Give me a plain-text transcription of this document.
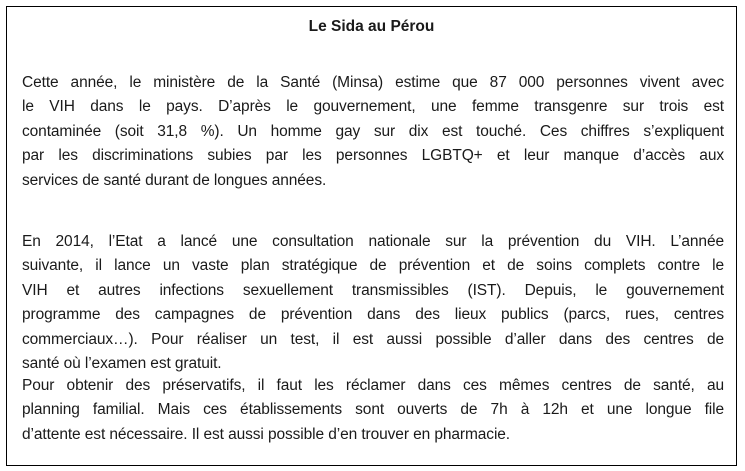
Le Sida au Pérou
Cette année, le ministère de la Santé (Minsa) estime que 87 000 personnes vivent avec
le VIH dans le pays. D’après le gouvernement, une femme transgenre sur trois est
contaminée (soit 31,8 %). Un homme gay sur dix est touché. Ces chiffres s’expliquent
par les discriminations subies par les personnes LGBTQ+ et leur manque d’accès aux
services de santé durant de longues années.
En 2014, l’Etat a lancé une consultation nationale sur la prévention du VIH. L’année
suivante, il lance un vaste plan stratégique de prévention et de soins complets contre le
VIH et autres infections sexuellement transmissibles (IST). Depuis, le gouvernement
programme des campagnes de prévention dans des lieux publics (parcs, rues, centres
commerciaux…). Pour réaliser un test, il est aussi possible d’aller dans des centres de
santé où l’examen est gratuit.
Pour obtenir des préservatifs, il faut les réclamer dans ces mêmes centres de santé, au
planning familial. Mais ces établissements sont ouverts de 7h à 12h et une longue file
d’attente est nécessaire. Il est aussi possible d’en trouver en pharmacie.
